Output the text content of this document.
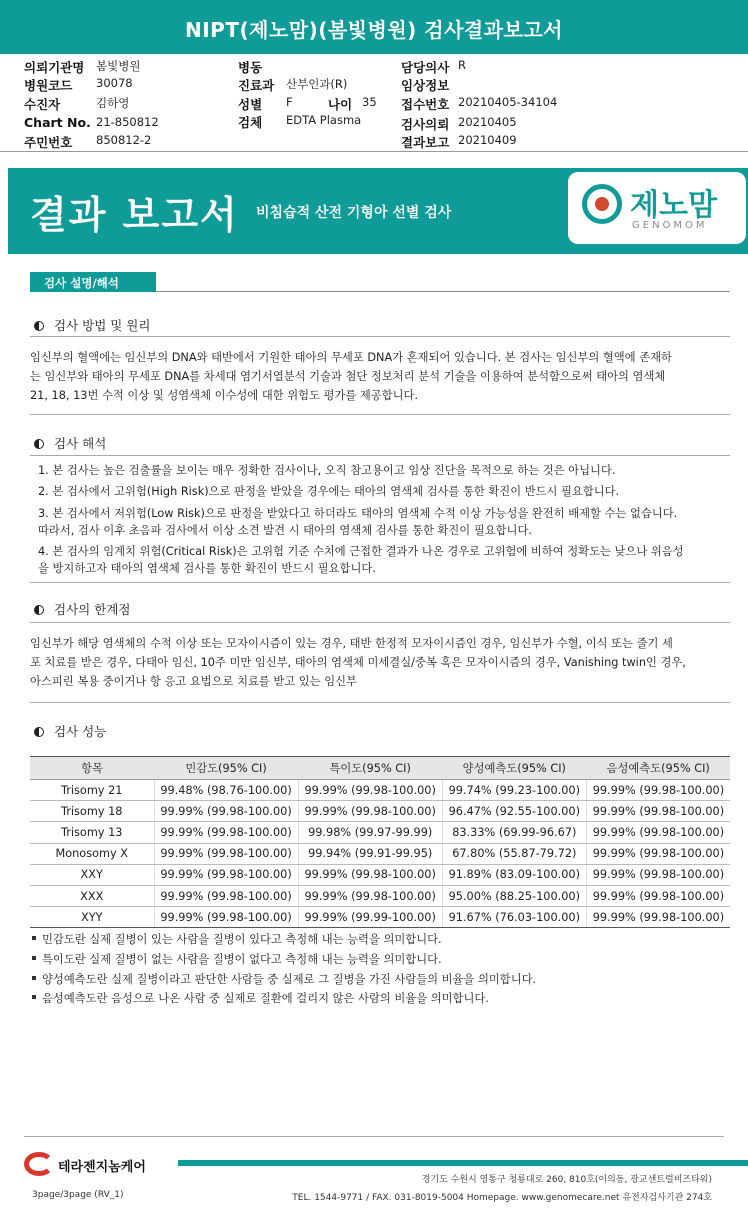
NIPT(제노맘)(봄빛병원) 검사결과보고서
의뢰기관명 봄빛병원
병원코드 30078
수진자	김하영
Chart No. 21-850812
주민번호 850812-2
병동
진료과 산부인과(R)
성별 F	나이 35
검체 EDTA Plasma
담당의사 R
임상정보
접수번호 20210405-34104
검사의뢰 20210405
결과보고 20210409
결과 보고서 비침습적 산전 기형아 선별 검사	제노맘
GENOMOM
검사 설명/해석
검사 방법 및 원리
임신부의 혈액에는 임신부의 DNA와 태반에서 기원한 태아의 무세포 DNA가 혼재되어 있습니다. 본 검사는 임신부의 혈액에 존재하
는 임신부와 태아의 무세포 DNA를 차세대 염기서열분석 기술과 첨단 정보처리 분석 기술을 이용하여 분석함으로써 태아의 염색체
21, 18, 13번 수적 이상 및 성염색체 이수성에 대한 위험도 평가를 제공합니다.
검사 해석
1. 본 검사는 높은 검출률을 보이는 매우 정확한 검사이나, 오직 참고용이고 임상 진단을 목적으로 하는 것은 아닙니다.
2. 본 검사에서 고위험(High Risk)으로 판정을 받았을 경우에는 태아의 염색체 검사를 통한 확진이 반드시 필요합니다.
3. 본 검사에서 저위험(Low Risk)으로 판정을 받았다고 하더라도 태아의 염색체 수적 이상 가능성을 완전히 배제할 수는 없습니다.
따라서, 검사 이후 초음파 검사에서 이상 소견 발견 시 태아의 염색체 검사를 통한 확진이 필요합니다.
4. 본 검사의 임계치 위험(Critical Risk)은 고위험 기준 수치에 근접한 결과가 나온 경우로 고위험에 비하여 정확도는 낮으나 위음성
을 방지하고자 태아의 염색체 검사를 통한 확진이 반드시 필요합니다.
검사의 한계점
임신부가 해당 염색체의 수적 이상 또는 모자이시즘이 있는 경우, 태반 한정적 모자이시즘인 경우, 임신부가 수혈, 이식 또는 줄기 세
포 치료를 받은 경우, 다태아 임신, 10주 미만 임신부, 태아의 염색체 미세결실/중복 혹은 모자이시즘의 경우, Vanishing twin인 경우,
아스피린 복용 중이거나 항 응고 요법으로 치료를 받고 있는 임신부
검사 성능
항목	민감도(95% CI)	특이도(95% CI)	양성예측도(95% CI)	음성예측도(95% CI)
Trisomy 21	99.48% (98.76-100.00)	99.99% (99.98-100.00)	99.74% (99.23-100.00)	99.99% (99.98-100.00)
Trisomy 18	99.99% (99.98-100.00)	99.99% (99.98-100.00)	96.47% (92.55-100.00)	99.99% (99.98-100.00)
Trisomy 13	99.99% (99.98-100.00)	99.98% (99.97-99.99)	83.33% (69.99-96.67)	99.99% (99.98-100.00)
Monosomy X	99.99% (99.98-100.00)	99.94% (99.91-99.95)	67.80% (55.87-79.72)	99.99% (99.98-100.00)
XXY	99.99% (99.98-100.00)	99.99% (99.98-100.00)	91.89% (83.09-100.00)	99.99% (99.98-100.00)
XXX	99.99% (99.98-100.00)	99.99% (99.98-100.00)	95.00% (88.25-100.00)	99.99% (99.98-100.00)
XYY	99.99% (99.98-100.00)	99.99% (99.99-100.00)	91.67% (76.03-100.00)	99.99% (99.98-100.00)
민감도란 실제 질병이 있는 사람을 질병이 있다고 측정해 내는 능력을 의미합니다.
특이도란 실제 질병이 없는 사람을 질병이 없다고 측정해 내는 능력을 의미합니다.
양성예측도란 실제 질병이라고 판단한 사람들 중 실제로 그 질병을 가진 사람들의 비율을 의미합니다.
음성예측도란 음성으로 나온 사람 중 실제로 질환에 걸리지 않은 사람의 비율을 의미합니다.
테라젠지놈케어
경기도 수원시 영통구 청룡대로 260, 810호(이의동, 광교센트럴비즈타워)
TEL. 1544-9771 / FAX. 031-8019-5004 Homepage. www.genomecare.net 유전자검사기관 274호
3page/3page (RV_1)
